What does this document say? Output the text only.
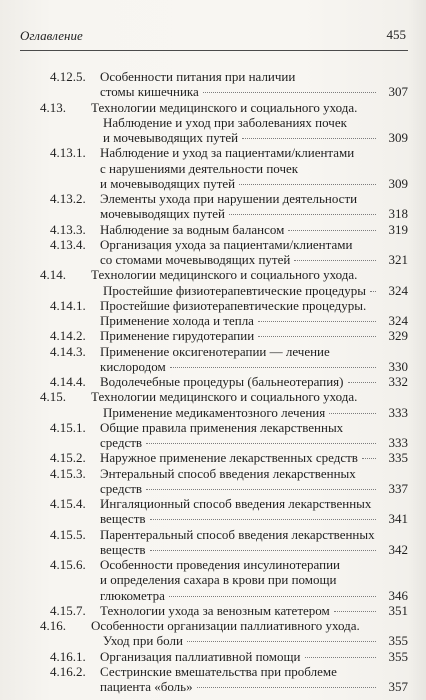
Оглавление	455
4.12.5. Особенности питания при наличии
стомы кишечника	307
4.13. Технологии медицинского и социального ухода.
Наблюдение и уход при заболеваниях почек
и мочевыводящих путей	309
4.13.1. Наблюдение и уход за пациентами/клиентами
с нарушениями деятельности почек
и мочевыводящих путей	309
4.13.2. Элементы ухода при нарушении деятельности
мочевыводящих путей	318
4.13.3. Наблюдение за водным балансом	319
4.13.4. Организация ухода за пациентами/клиентами
со стомами мочевыводящих путей	321
4.14. Технологии медицинского и социального ухода.
Простейшие физиотерапевтические процедуры	324
4.14.1. Простейшие физиотерапевтические процедуры.
Применение холода и тепла	324
4.14.2. Применение гирудотерапии	329
4.14.3. Применение оксигенотерапии — лечение
кислородом	330
4.14.4. Водолечебные процедуры (бальнеотерапия)	332
4.15. Технологии медицинского и социального ухода.
Применение медикаментозного лечения	333
4.15.1. Общие правила применения лекарственных
средств	333
4.15.2. Наружное применение лекарственных средств	335
4.15.3. Энтеральный способ введения лекарственных
средств	337
4.15.4. Ингаляционный способ введения лекарственных
веществ	341
4.15.5. Парентеральный способ введения лекарственных
веществ	342
4.15.6. Особенности проведения инсулинотерапии
и определения сахара в крови при помощи
глюкометра	346
4.15.7. Технологии ухода за венозным катетером	351
4.16. Особенности организации паллиативного ухода.
Уход при боли	355
4.16.1. Организация паллиативной помощи	355
4.16.2. Сестринские вмешательства при проблеме
пациента «боль»	357
